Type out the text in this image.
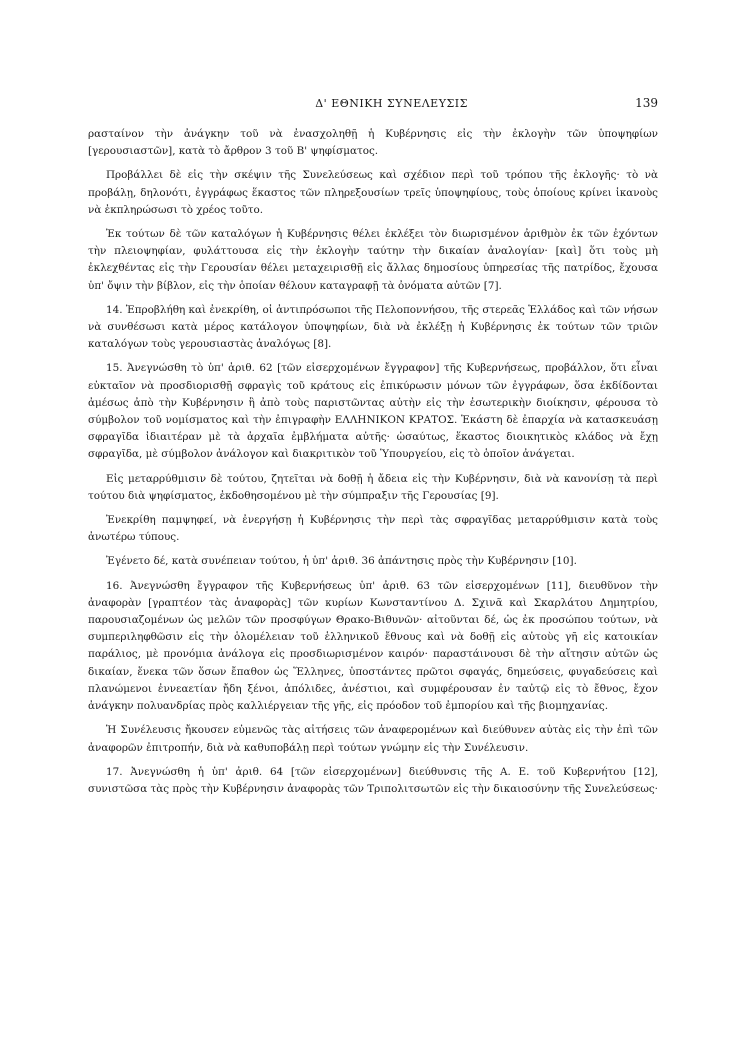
Δ' ΕΘΝΙΚΗ ΣΥΝΕΛΕΥΣΙΣ	139

ρασταίνον τὴν ἀνάγκην τοῦ νὰ ἐνασχοληθῇ ἡ Κυβέρνησις εἰς τὴν ἐκλογὴν τῶν ὑποψηφίων [γερουσιαστῶν], κατὰ τὸ ἄρθρον 3 τοῦ Β' ψηφίσματος.

Προβάλλει δὲ εἰς τὴν σκέψιν τῆς Συνελεύσεως καὶ σχέδιον περὶ τοῦ τρόπου τῆς ἐκλογῆς· τὸ νὰ προβάλῃ, δηλονότι, ἐγγράφως ἕκαστος τῶν πληρεξουσίων τρεῖς ὑποψηφίους, τοὺς ὁποίους κρίνει ἱκανοὺς νὰ ἐκπληρώσωσι τὸ χρέος τοῦτο.

Ἐκ τούτων δὲ τῶν καταλόγων ἡ Κυβέρνησις θέλει ἐκλέξει τὸν διωρισμένον ἀριθμὸν ἐκ τῶν ἐχόντων τὴν πλειοψηφίαν, φυλάττουσα εἰς τὴν ἐκλογὴν ταύτην τὴν δικαίαν ἀναλογίαν· [καὶ] ὅτι τοὺς μὴ ἐκλεχθέντας εἰς τὴν Γερουσίαν θέλει μεταχειρισθῇ εἰς ἄλλας δημοσίους ὑπηρεσίας τῆς πατρίδος, ἔχουσα ὑπ' ὄψιν τὴν βίβλον, εἰς τὴν ὁποίαν θέλουν καταγραφῇ τὰ ὀνόματα αὐτῶν [7].

14. Ἐπροβλήθη καὶ ἐνεκρίθη, οἱ ἀντιπρόσωποι τῆς Πελοποννήσου, τῆς στερεᾶς Ἑλλάδος καὶ τῶν νήσων νὰ συνθέσωσι κατὰ μέρος κατάλογον ὑποψηφίων, διὰ νὰ ἐκλέξῃ ἡ Κυβέρνησις ἐκ τούτων τῶν τριῶν καταλόγων τοὺς γερουσιαστὰς ἀναλόγως [8].

15. Ἀνεγνώσθη τὸ ὑπ' ἀριθ. 62 [τῶν εἰσερχομένων ἔγγραφον] τῆς Κυβερνήσεως, προβάλλον, ὅτι εἶναι εὐκταῖον νὰ προσδιορισθῇ σφραγὶς τοῦ κράτους εἰς ἐπικύρωσιν μόνων τῶν ἐγγράφων, ὅσα ἐκδίδονται ἀμέσως ἀπὸ τὴν Κυβέρνησιν ἢ ἀπὸ τοὺς παριστῶντας αὐτὴν εἰς τὴν ἐσωτερικὴν διοίκησιν, φέρουσα τὸ σύμβολον τοῦ νομίσματος καὶ τὴν ἐπιγραφὴν ΕΛΛΗΝΙΚΟΝ ΚΡΑΤΟΣ. Ἑκάστη δὲ ἐπαρχία νὰ κατασκευάσῃ σφραγῖδα ἰδιαιτέραν μὲ τὰ ἀρχαῖα ἐμβλήματα αὐτῆς· ὡσαύτως, ἕκαστος διοικητικὸς κλάδος νὰ ἔχῃ σφραγῖδα, μὲ σύμβολον ἀνάλογον καὶ διακριτικὸν τοῦ Ὑπουργείου, εἰς τὸ ὁποῖον ἀνάγεται.

Εἰς μεταρρύθμισιν δὲ τούτου, ζητεῖται νὰ δοθῇ ἡ ἄδεια εἰς τὴν Κυβέρνησιν, διὰ νὰ κανονίσῃ τὰ περὶ τούτου διὰ ψηφίσματος, ἐκδοθησομένου μὲ τὴν σύμπραξιν τῆς Γερουσίας [9].

Ἐνεκρίθη παμψηφεί, νὰ ἐνεργήσῃ ἡ Κυβέρνησις τὴν περὶ τὰς σφραγῖδας μεταρρύθμισιν κατὰ τοὺς ἀνωτέρω τύπους.

Ἐγένετο δέ, κατὰ συνέπειαν τούτου, ἡ ὑπ' ἀριθ. 36 ἀπάντησις πρὸς τὴν Κυβέρνησιν [10].

16. Ἀνεγνώσθη ἔγγραφον τῆς Κυβερνήσεως ὑπ' ἀριθ. 63 τῶν εἰσερχομένων [11], διευθῦνον τὴν ἀναφορὰν [γραπτέον τὰς ἀναφορὰς] τῶν κυρίων Κωνσταντίνου Δ. Σχινᾶ καὶ Σκαρλάτου Δημητρίου, παρουσιαζομένων ὡς μελῶν τῶν προσφύγων Θρακο-Βιθυνῶν· αἰτοῦνται δέ, ὡς ἐκ προσώπου τούτων, νὰ συμπεριληφθῶσιν εἰς τὴν ὁλομέλειαν τοῦ ἑλληνικοῦ ἔθνους καὶ νὰ δοθῇ εἰς αὐτοὺς γῆ εἰς κατοικίαν παράλιος, μὲ προνόμια ἀνάλογα εἰς προσδιωρισμένον καιρόν· παραστάινουσι δὲ τὴν αἴτησιν αὐτῶν ὡς δικαίαν, ἕνεκα τῶν ὅσων ἔπαθον ὡς Ἕλληνες, ὑποστάντες πρῶτοι σφαγάς, δημεύσεις, φυγαδεύσεις καὶ πλανώμενοι ἐννεαετίαν ἤδη ξένοι, ἀπόλιδες, ἀνέστιοι, καὶ συμφέρουσαν ἐν ταὐτῷ εἰς τὸ ἔθνος, ἔχον ἀνάγκην πολυανδρίας πρὸς καλλιέργειαν τῆς γῆς, εἰς πρόοδον τοῦ ἐμπορίου καὶ τῆς βιομηχανίας.

Ἡ Συνέλευσις ἤκουσεν εὐμενῶς τὰς αἰτήσεις τῶν ἀναφερομένων καὶ διεύθυνεν αὐτὰς εἰς τὴν ἐπὶ τῶν ἀναφορῶν ἐπιτροπήν, διὰ νὰ καθυποβάλῃ περὶ τούτων γνώμην εἰς τὴν Συνέλευσιν.

17. Ἀνεγνώσθη ἡ ὑπ' ἀριθ. 64 [τῶν εἰσερχομένων] διεύθυνσις τῆς Α. Ε. τοῦ Κυβερνήτου [12], συνιστῶσα τὰς πρὸς τὴν Κυβέρνησιν ἀναφορὰς τῶν Τριπολιτσωτῶν εἰς τὴν δικαιοσύνην τῆς Συνελεύσεως·
